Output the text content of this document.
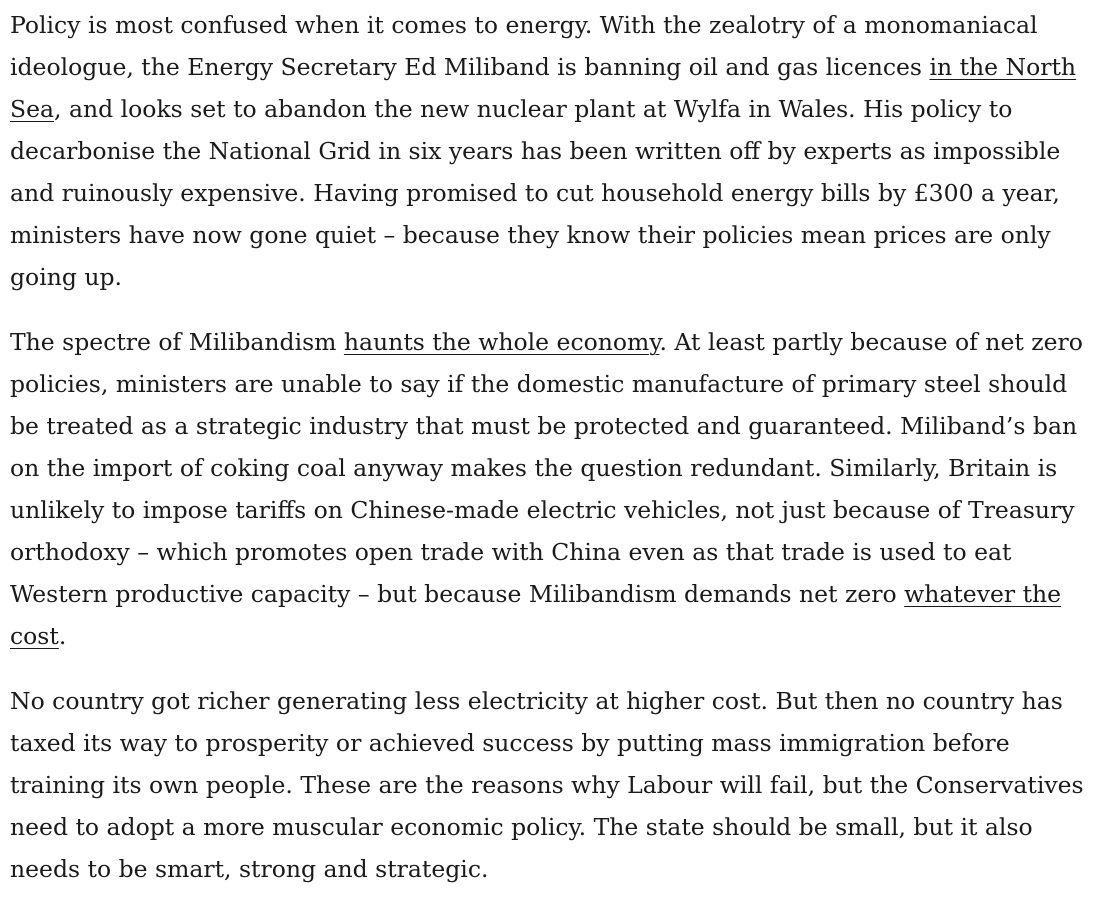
Policy is most confused when it comes to energy. With the zealotry of a monomaniacal ideologue, the Energy Secretary Ed Miliband is banning oil and gas licences in the North Sea, and looks set to abandon the new nuclear plant at Wylfa in Wales. His policy to decarbonise the National Grid in six years has been written off by experts as impossible and ruinously expensive. Having promised to cut household energy bills by £300 a year, ministers have now gone quiet – because they know their policies mean prices are only going up.

The spectre of Milibandism haunts the whole economy. At least partly because of net zero policies, ministers are unable to say if the domestic manufacture of primary steel should be treated as a strategic industry that must be protected and guaranteed. Miliband’s ban on the import of coking coal anyway makes the question redundant. Similarly, Britain is unlikely to impose tariffs on Chinese-made electric vehicles, not just because of Treasury orthodoxy – which promotes open trade with China even as that trade is used to eat Western productive capacity – but because Milibandism demands net zero whatever the cost.

No country got richer generating less electricity at higher cost. But then no country has taxed its way to prosperity or achieved success by putting mass immigration before training its own people. These are the reasons why Labour will fail, but the Conservatives need to adopt a more muscular economic policy. The state should be small, but it also needs to be smart, strong and strategic.
